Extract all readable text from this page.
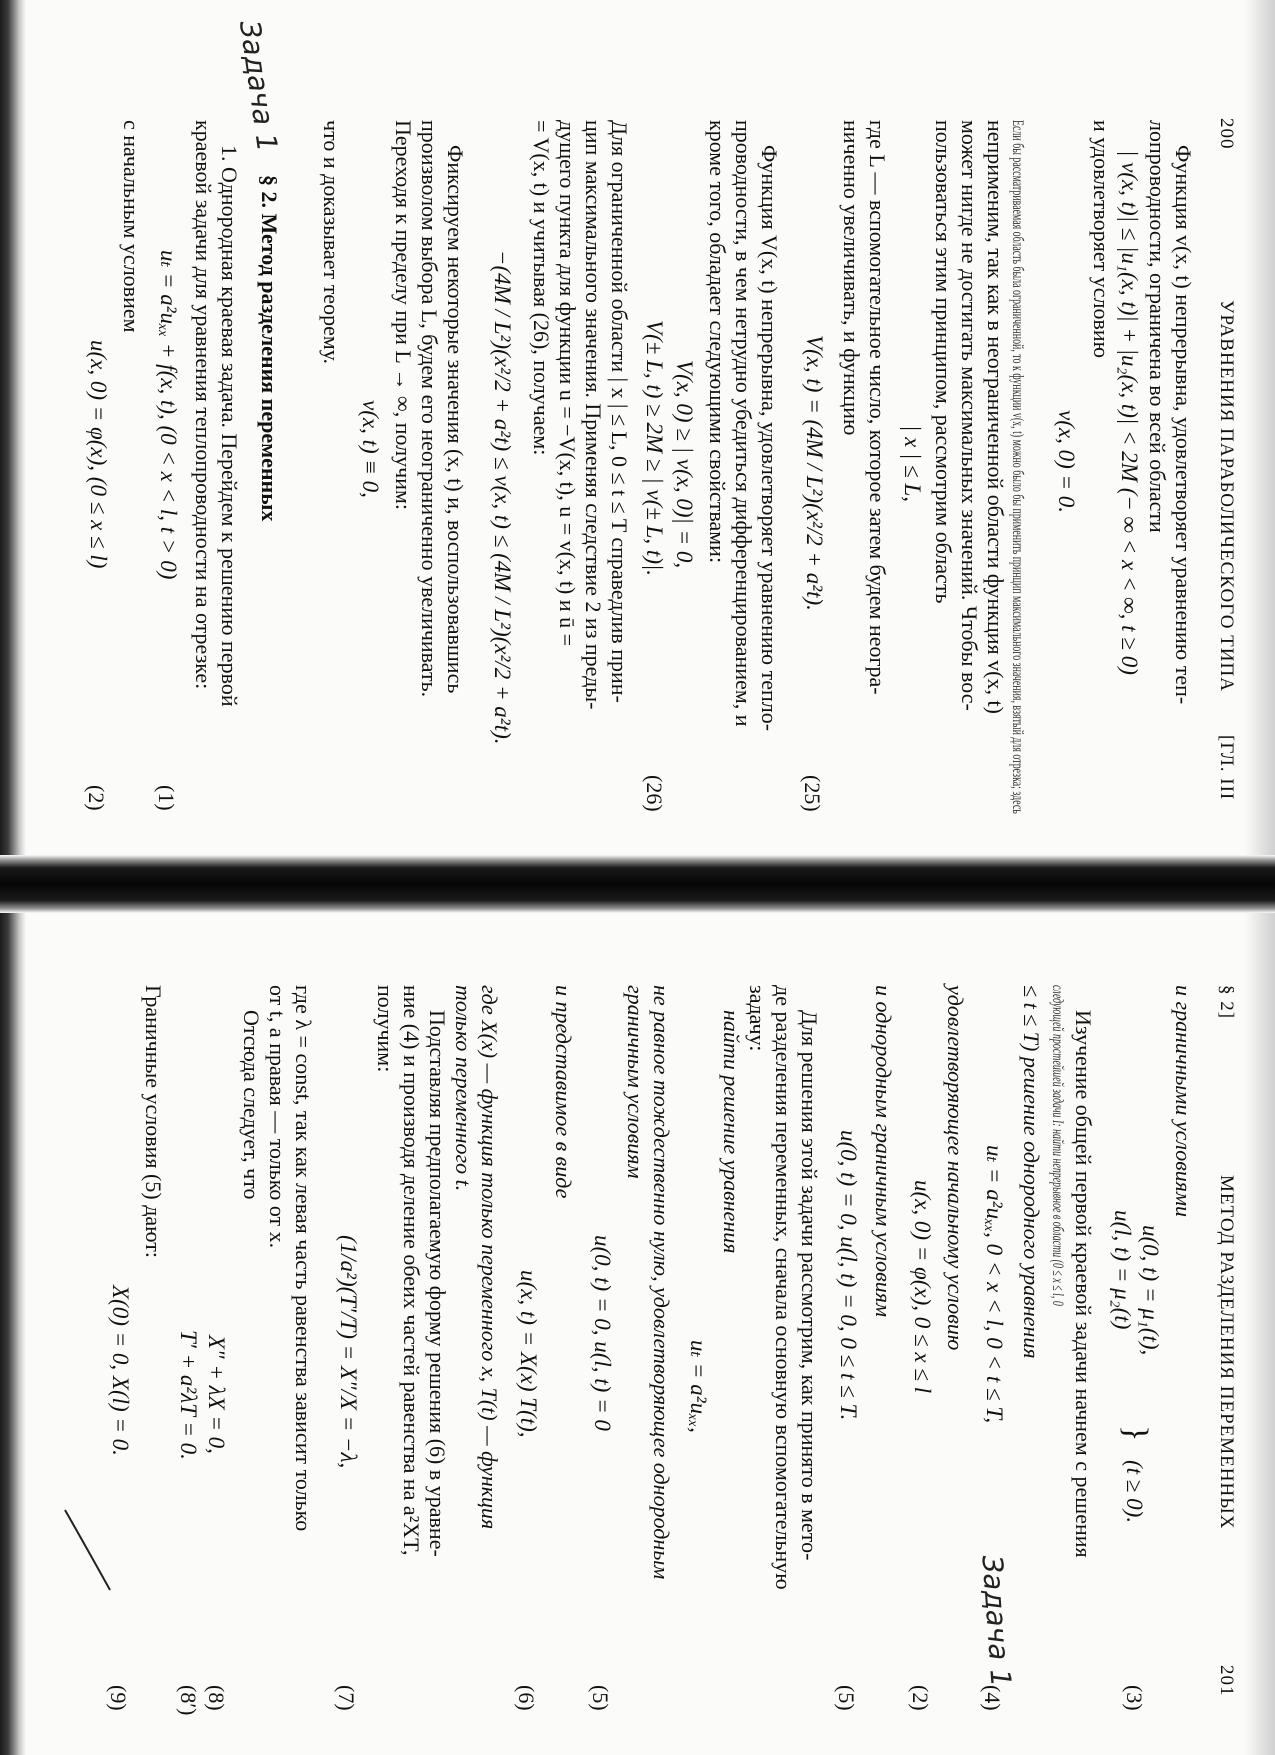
200
УРАВНЕНИЯ ПАРАБОЛИЧЕСКОГО ТИПА
[ГЛ. III
Функция v(x, t) непрерывна, удовлетворяет уравнению теп-
лопроводности, ограничена во всей области
| v(x, t)| ≤ |u₁(x, t)| + |u₂(x, t)| < 2M (− ∞ < x < ∞, t ≥ 0)
и удовлетворяет условию
v(x, 0) = 0.
Если бы рассматриваемая область была ограниченной, то к функции v(x, t) можно было бы применить принцип максимального значения, взятый для отрезка; здесь
неприменим, так как в неограниченной области функция v(x, t)
может нигде не достигать максимальных значений. Чтобы вос-
пользоваться этим принципом, рассмотрим область
| x | ≤ L,
где L — вспомогательное число, которое затем будем неогра-
ниченно увеличивать, и функцию
V(x, t) = (4M / L²)(x²/2 + a²t).
(25)
Функция V(x, t) непрерывна, удовлетворяет уравнению тепло-
проводности, в чем нетрудно убедиться дифференцированием, и
кроме того, обладает следующими свойствами:
V(x, 0) ≥ | v(x, 0)| = 0,
V(± L, t) ≥ 2M ≥ | v(± L, t)|.
(26)
Для ограниченной области | x | ≤ L, 0 ≤ t ≤ T справедлив прин-
цип максимального значения. Применяя следствие 2 из преды-
дущего пункта для функции u = −V(x, t), u = v(x, t) и ū =
= V(x, t) и учитывая (26), получаем:
−(4M / L²)(x²/2 + a²t) ≤ v(x, t) ≤ (4M / L²)(x²/2 + a²t).
Фиксируем некоторые значения (x, t) и, воспользовавшись
произволом выбора L, будем его неограниченно увеличивать.
Переходя к пределу при L → ∞, получим:
v(x, t) ≡ 0,
что и доказывает теорему.
§ 2. Метод разделения переменных
1. Однородная краевая задача. Перейдем к решению первой
краевой задачи для уравнения теплопроводности на отрезке:
uₜ = a²uₓₓ + f(x, t), (0 < x < l, t > 0)
(1)
с начальным условием
u(x, 0) = φ(x), (0 ≤ x ≤ l)
(2)
Задача 1
§ 2]
МЕТОД РАЗДЕЛЕНИЯ ПЕРЕМЕННЫХ
201
и граничными условиями
u(0, t) = μ₁(t),
u(l, t) = μ₂(t)
}
(t ≥ 0).
(3)
Изучение общей первой краевой задачи начнем с решения
следующей простейшей задачи I: найти непрерывное в области (0 ≤ x ≤ l, 0
≤ t ≤ T) решение однородного уравнения
uₜ = a²uₓₓ, 0 < x < l, 0 < t ≤ T,
(4)
удовлетворяющее начальному условию
u(x, 0) = φ(x), 0 ≤ x ≤ l
(2)
и однородным граничным условиям
u(0, t) = 0, u(l, t) = 0, 0 ≤ t ≤ T.
(5)
Для решения этой задачи рассмотрим, как принято в мето-
де разделения переменных, сначала основную вспомогательную
задачу:
найти решение уравнения
uₜ = a²uₓₓ,
не равное тождественно нулю, удовлетворяющее однородным
граничным условиям
u(0, t) = 0, u(l, t) = 0
(5)
и представимое в виде
u(x, t) = X(x) T(t),
(6)
где X(x) — функция только переменного x, T(t) — функция
только переменного t.
Подставляя предполагаемую форму решения (6) в уравне-
ние (4) и производя деление обеих частей равенства на a²XT,
получим:
(1/a²)(T′/T) = X″/X = −λ,
(7)
где λ = const, так как левая часть равенства зависит только
от t, а правая — только от x.
Отсюда следует, что
X″ + λX = 0,
(8)
T′ + a²λT = 0.
(8′)
Граничные условия (5) дают:
X(0) = 0, X(l) = 0.
(9)
Задача 1
